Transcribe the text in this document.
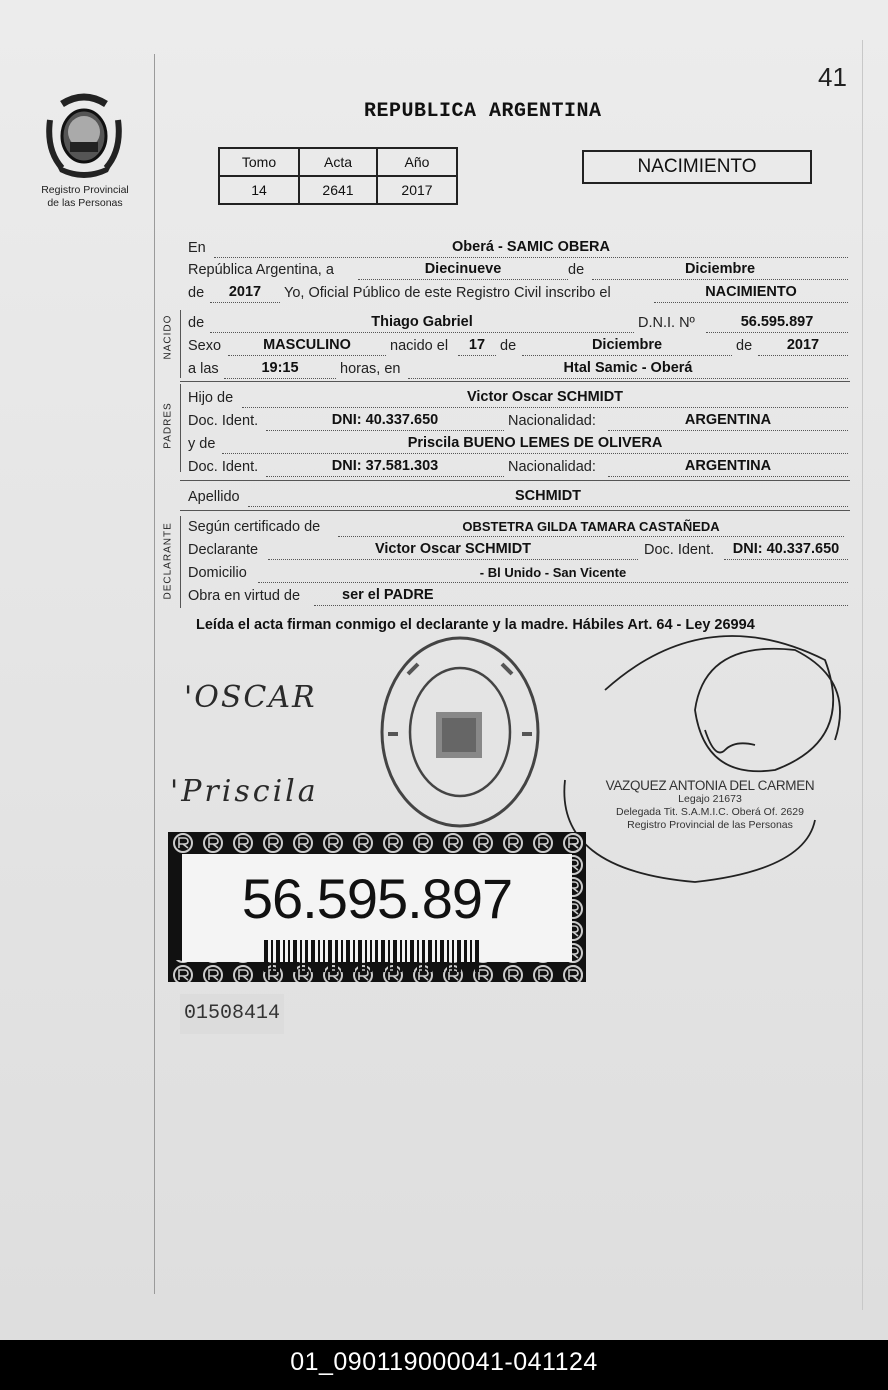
41
Registro Provincial
de las Personas
REPUBLICA ARGENTINA
Tomo	Acta	Año
14	2641	2017
NACIMIENTO
En	Oberá - SAMIC OBERA
República Argentina, a	Diecinueve	de	Diciembre
de	2017	Yo, Oficial Público de este Registro Civil inscribo el	NACIMIENTO
NACIDO de	Thiago Gabriel	D.N.I. Nº	56.595.897
Sexo	MASCULINO	nacido el	17	de	Diciembre	de	2017
a las	19:15	horas, en	Htal Samic - Oberá
PADRES
Hijo de	Victor Oscar SCHMIDT
Doc. Ident.	DNI: 40.337.650	Nacionalidad:	ARGENTINA
y de	Priscila BUENO LEMES DE OLIVERA
Doc. Ident.	DNI: 37.581.303	Nacionalidad:	ARGENTINA
Apellido	SCHMIDT
DECLARANTE Según certificado de	OBSTETRA GILDA TAMARA CASTAÑEDA
Declarante	Victor Oscar SCHMIDT	Doc. Ident.	DNI: 40.337.650
Domicilio	- Bl Unido - San Vicente
Obra en virtud de	ser el PADRE
Leída el acta firman conmigo el declarante y la madre. Hábiles Art. 64 - Ley 26994
'OSCAR
'Priscila	VAZQUEZ ANTONIA DEL CARMEN
Legajo 21673
Delegada Tit. S.A.M.I.C. Oberá Of. 2629
Registro Provincial de las Personas
56.595.897
01508414
01_090119000041-041124
